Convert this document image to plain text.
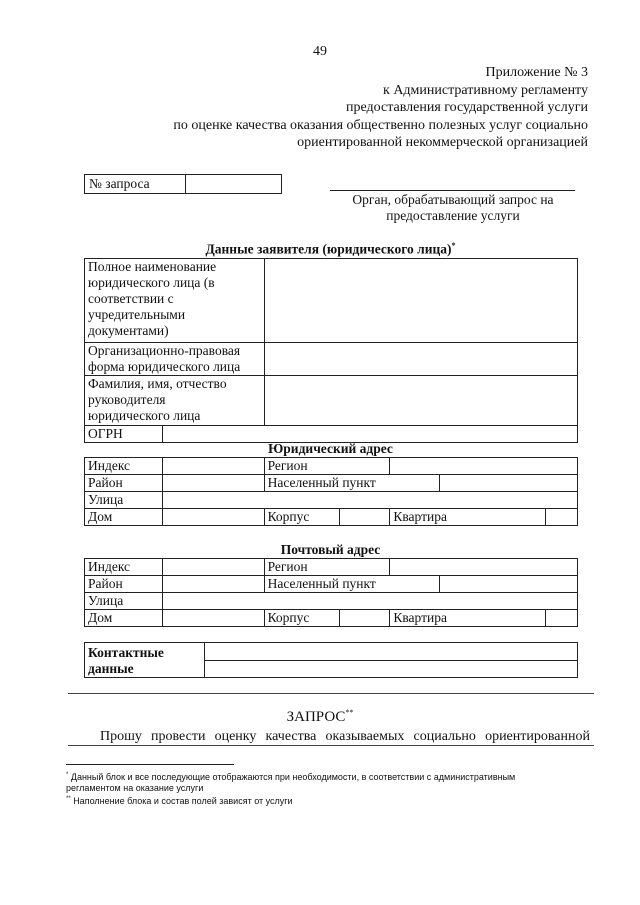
49
Приложение № 3
к Административному регламенту
предоставления государственной услуги
по оценке качества оказания общественно полезных услуг социально
ориентированной некоммерческой организацией
№ запроса
Орган, обрабатывающий запрос на
предоставление услуги
Данные заявителя (юридического лица)*
Полное наименование
юридического лица (в
соответствии с
учредительными
документами)		

Организационно-правовая
форма юридического лица		

Фамилия, имя, отчество
руководителя
юридического лица		

ОГРН		
Юридический адрес
Индекс		Регион				
Район		Населенный пункт				
Улица						
Дом		Корпус		Квартира		
Почтовый адрес
Индекс		Регион				
Район		Населенный пункт				
Улица						
Дом		Корпус		Квартира		
Контактные
данные

ЗАПРОС**
Прошу провести оценку качества оказываемых социально ориентированной
* Данный блок и все последующие отображаются при необходимости, в соответствии с административным
регламентом на оказание услуги
** Наполнение блока и состав полей зависят от услуги
